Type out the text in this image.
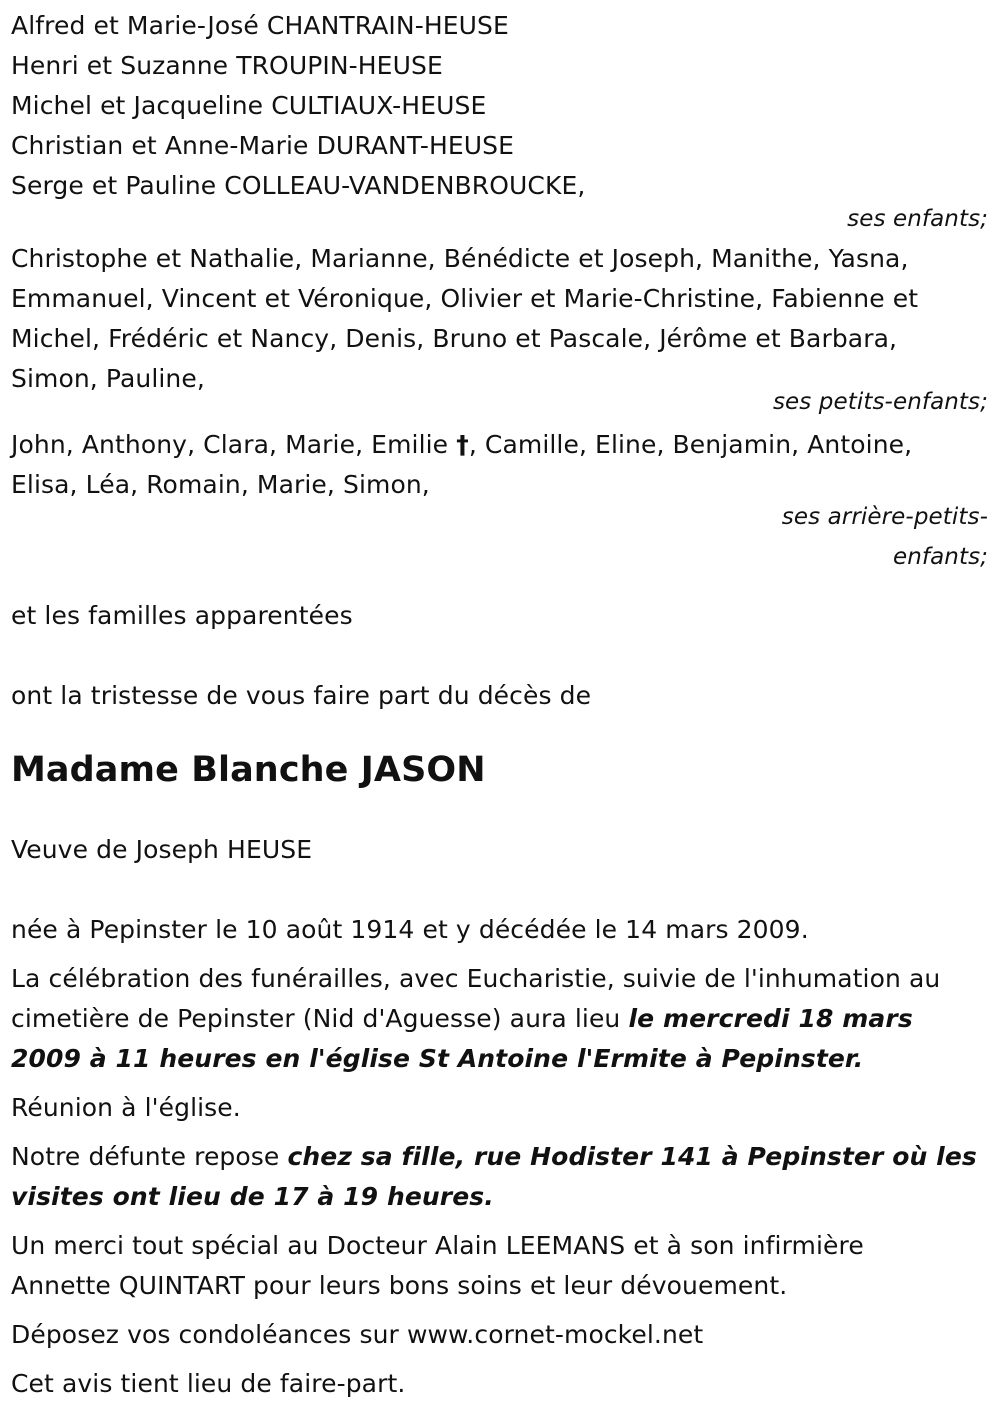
Alfred et Marie-José CHANTRAIN-HEUSE
Henri et Suzanne TROUPIN-HEUSE
Michel et Jacqueline CULTIAUX-HEUSE
Christian et Anne-Marie DURANT-HEUSE
Serge et Pauline COLLEAU-VANDENBROUCKE,
ses enfants;
Christophe et Nathalie, Marianne, Bénédicte et Joseph, Manithe, Yasna,
Emmanuel, Vincent et Véronique, Olivier et Marie-Christine, Fabienne et
Michel, Frédéric et Nancy, Denis, Bruno et Pascale, Jérôme et Barbara,
Simon, Pauline,
ses petits-enfants;
John, Anthony, Clara, Marie, Emilie †, Camille, Eline, Benjamin, Antoine,
Elisa, Léa, Romain, Marie, Simon,
ses arrière-petits-
enfants;
et les familles apparentées
ont la tristesse de vous faire part du décès de
Madame Blanche JASON
Veuve de Joseph HEUSE
née à Pepinster le 10 août 1914 et y décédée le 14 mars 2009.
La célébration des funérailles, avec Eucharistie, suivie de l'inhumation au
cimetière de Pepinster (Nid d'Aguesse) aura lieu le mercredi 18 mars
2009 à 11 heures en l'église St Antoine l'Ermite à Pepinster.
Réunion à l'église.
Notre défunte repose chez sa fille, rue Hodister 141 à Pepinster où les
visites ont lieu de 17 à 19 heures.
Un merci tout spécial au Docteur Alain LEEMANS et à son infirmière
Annette QUINTART pour leurs bons soins et leur dévouement.
Déposez vos condoléances sur www.cornet-mockel.net
Cet avis tient lieu de faire-part.
